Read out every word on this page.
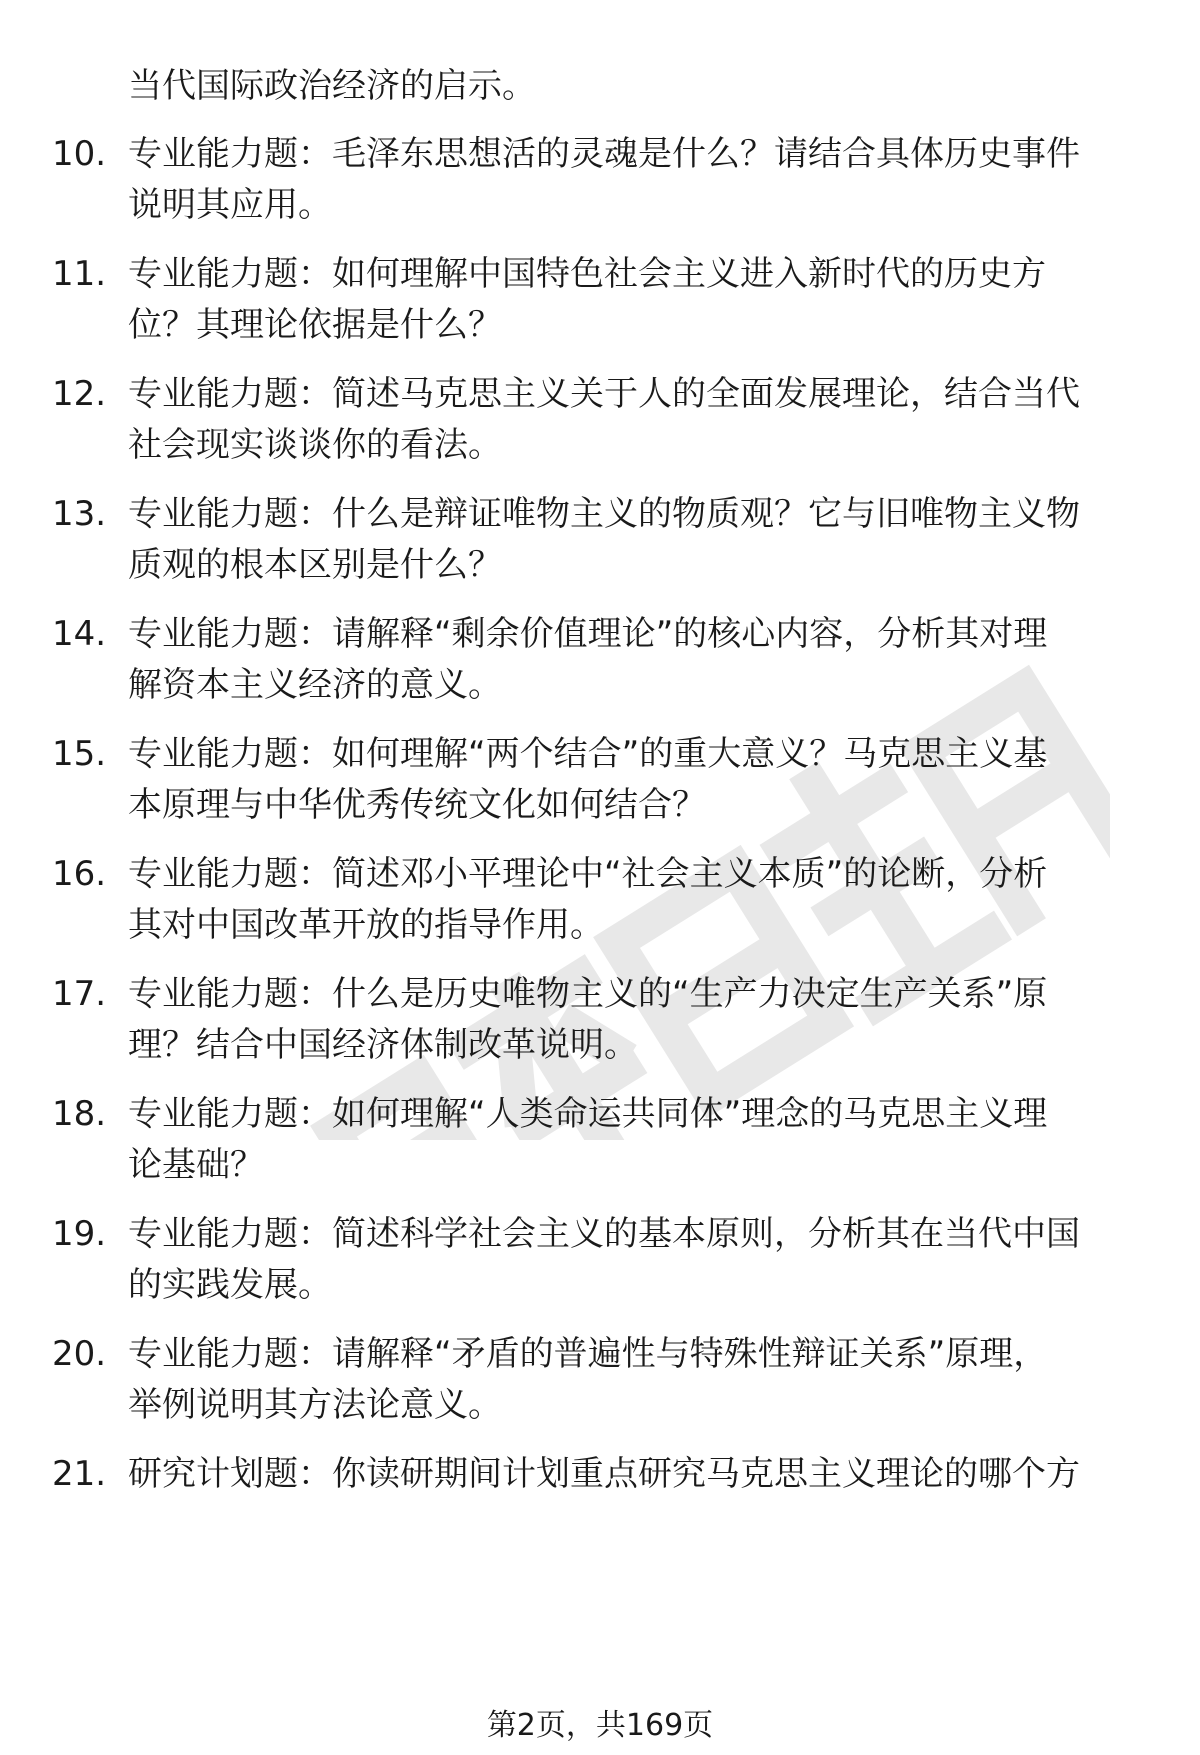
当代国际政治经济的启示。
10. 专业能力题：毛泽东思想活的灵魂是什么？请结合具体历史事件
说明其应用。
11. 专业能力题：如何理解中国特色社会主义进入新时代的历史方
位？其理论依据是什么？
12. 专业能力题：简述马克思主义关于人的全面发展理论，结合当代
社会现实谈谈你的看法。
13. 专业能力题：什么是辩证唯物主义的物质观？它与旧唯物主义物
质观的根本区别是什么？
14. 专业能力题：请解释“剩余价值理论”的核心内容，分析其对理
解资本主义经济的意义。
15. 专业能力题：如何理解“两个结合”的重大意义？马克思主义基
本原理与中华优秀传统文化如何结合？
16. 专业能力题：简述邓小平理论中“社会主义本质”的论断，分析
其对中国改革开放的指导作用。
17. 专业能力题：什么是历史唯物主义的“生产力决定生产关系”原
理？结合中国经济体制改革说明。
18. 专业能力题：如何理解“人类命运共同体”理念的马克思主义理
论基础？
19. 专业能力题：简述科学社会主义的基本原则，分析其在当代中国
的实践发展。
20. 专业能力题：请解释“矛盾的普遍性与特殊性辩证关系”原理，
举例说明其方法论意义。
21. 研究计划题：你读研期间计划重点研究马克思主义理论的哪个方
第2页，共169页
